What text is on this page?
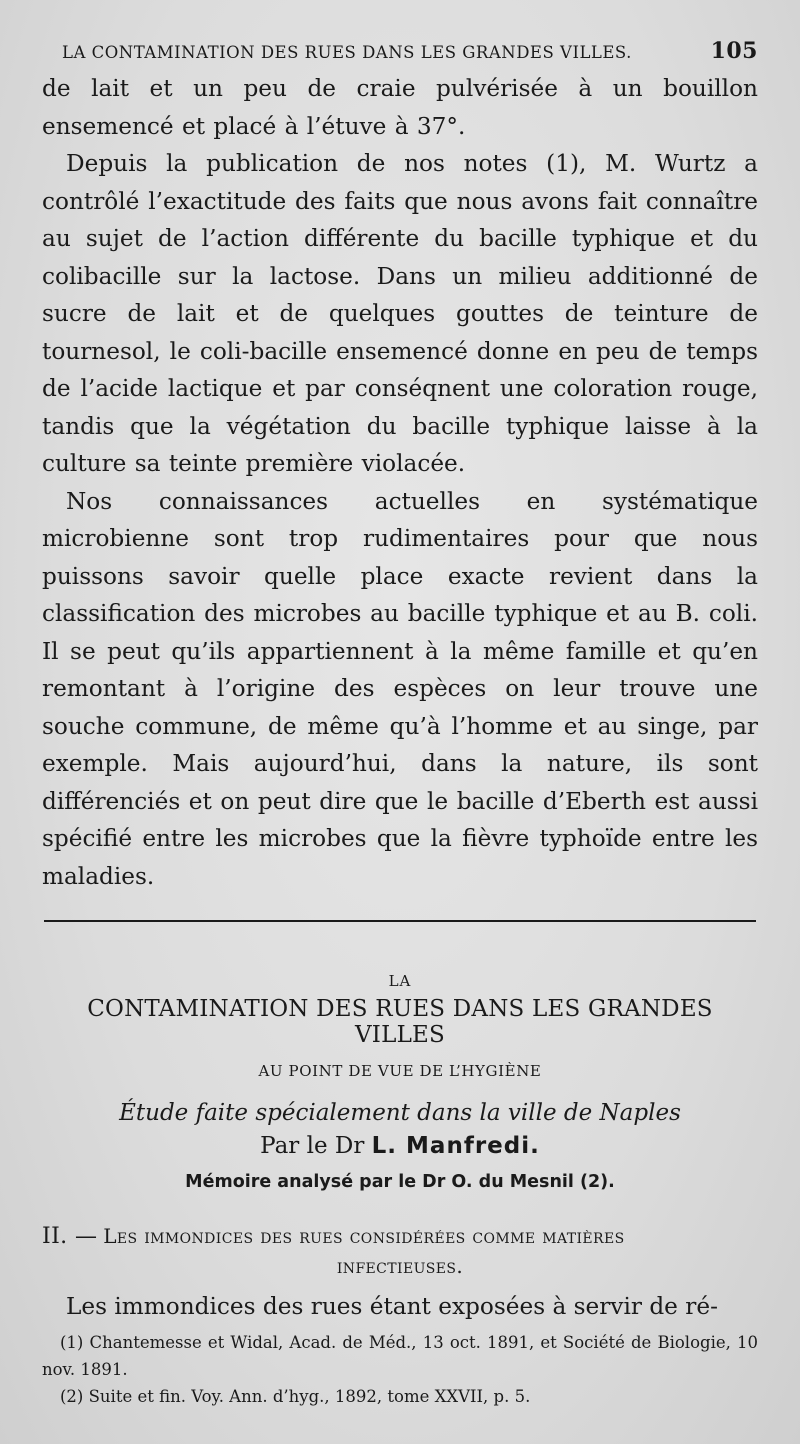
LA CONTAMINATION DES RUES DANS LES GRANDES VILLES.	105

de lait et un peu de craie pulvérisée à un bouillon ensemencé et placé à l’étuve à 37°.

Depuis la publication de nos notes (1), M. Wurtz a contrôlé l’exactitude des faits que nous avons fait connaître au sujet de l’action différente du bacille typhique et du colibacille sur la lactose. Dans un milieu additionné de sucre de lait et de quelques gouttes de teinture de tournesol, le coli-bacille ensemencé donne en peu de temps de l’acide lactique et par conséqnent une coloration rouge, tandis que la végétation du bacille typhique laisse à la culture sa teinte première violacée.

Nos connaissances actuelles en systématique microbienne sont trop rudimentaires pour que nous puissons savoir quelle place exacte revient dans la classification des microbes au bacille typhique et au B. coli. Il se peut qu’ils appartiennent à la même famille et qu’en remontant à l’origine des espèces on leur trouve une souche commune, de même qu’à l’homme et au singe, par exemple. Mais aujourd’hui, dans la nature, ils sont différenciés et on peut dire que le bacille d’Eberth est aussi spécifié entre les microbes que la fièvre typhoïde entre les maladies.

LA
CONTAMINATION DES RUES DANS LES GRANDES VILLES
AU POINT DE VUE DE L’HYGIÈNE
Étude faite spécialement dans la ville de Naples
Par le Dr L. Manfredi.
Mémoire analysé par le Dr O. du Mesnil (2).
II. — Les immondices des rues considérées comme matières
infectieuses.

Les immondices des rues étant exposées à servir de ré-

(1) Chantemesse et Widal, Acad. de Méd., 13 oct. 1891, et Société de Biologie, 10 nov. 1891.

(2) Suite et fin. Voy. Ann. d’hyg., 1892, tome XXVII, p. 5.
